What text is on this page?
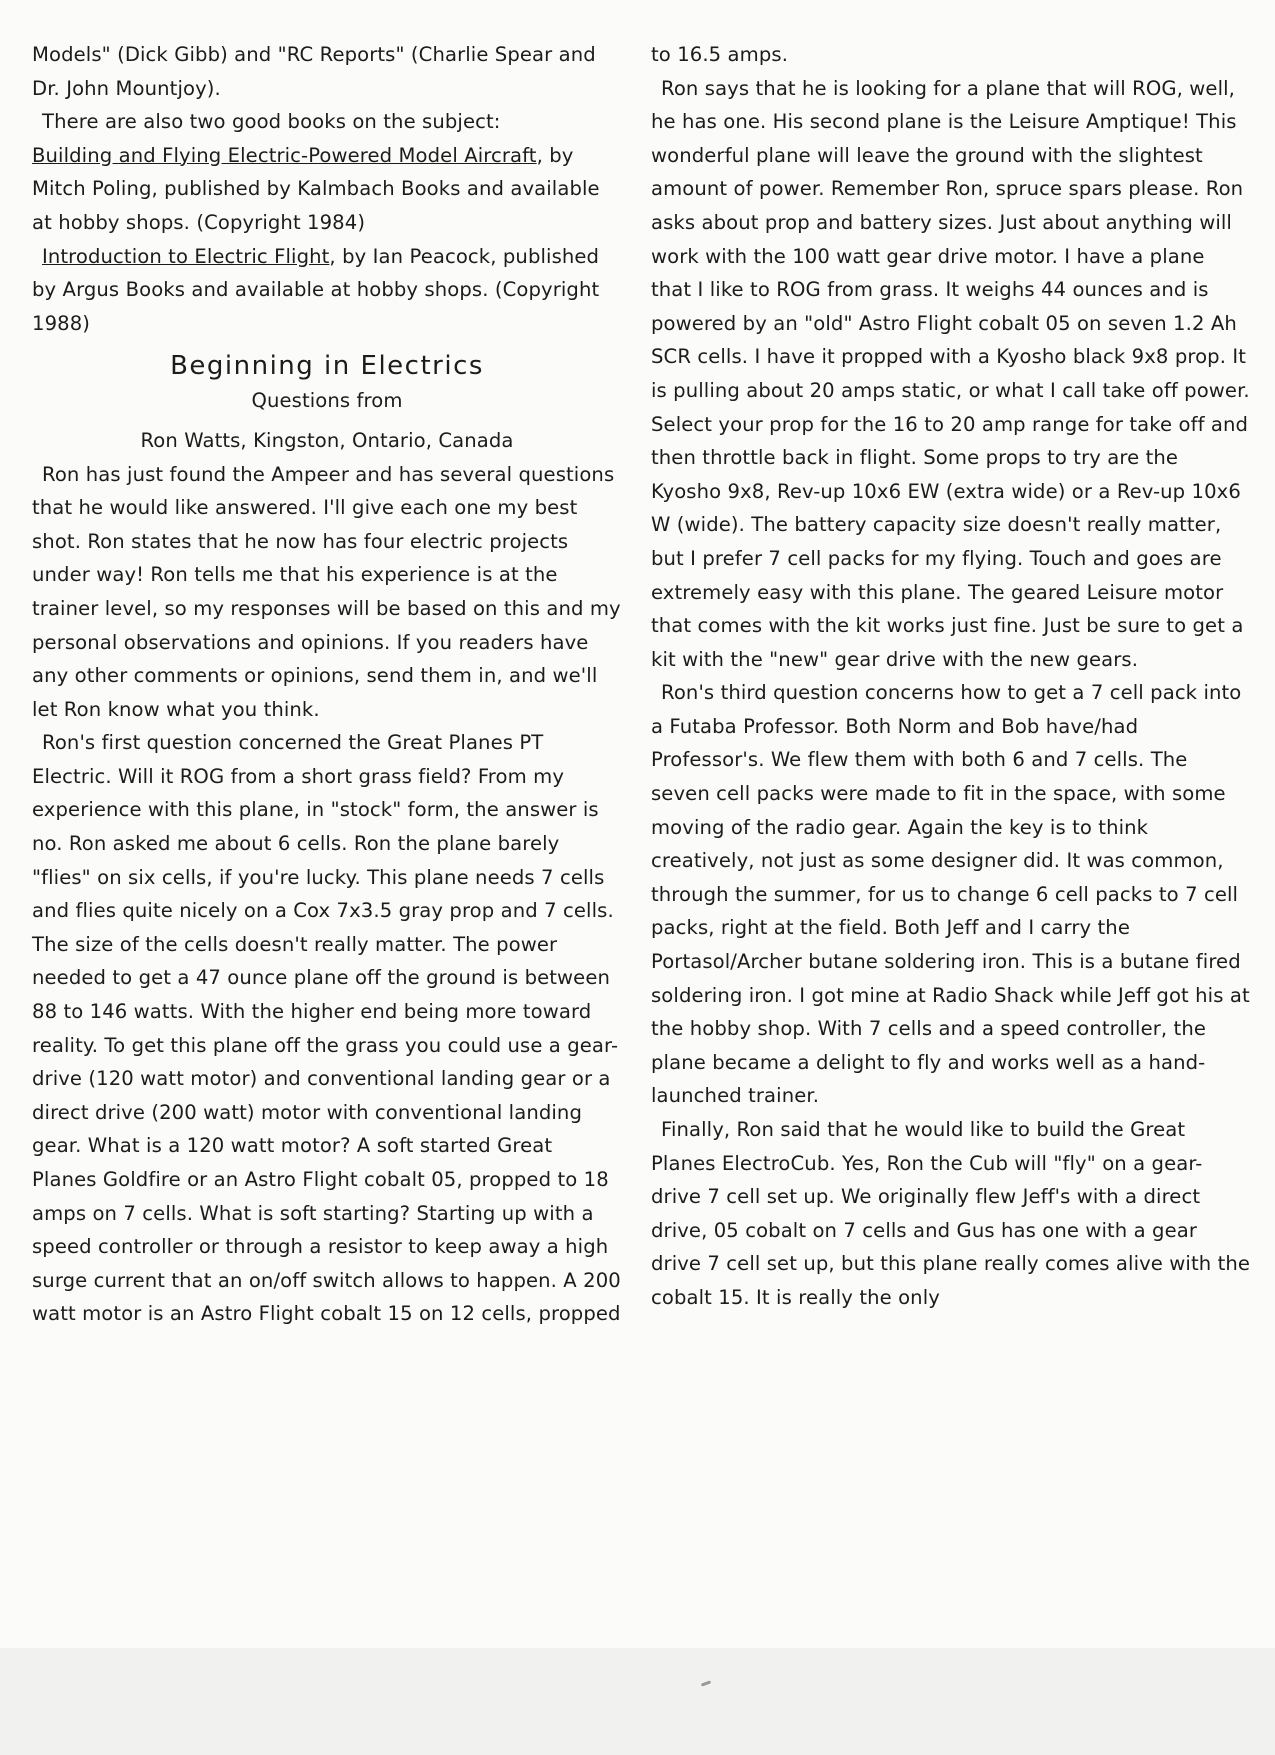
Models" (Dick Gibb) and "RC Reports" (Charlie Spear and Dr. John Mountjoy).

There are also two good books on the subject:
Building and Flying Electric-Powered Model Aircraft, by Mitch Poling, published by Kalmbach Books and available at hobby shops. (Copyright 1984)

Introduction to Electric Flight, by Ian Peacock, published by Argus Books and available at hobby shops. (Copyright 1988)

Beginning in Electrics
Questions from
Ron Watts, Kingston, Ontario, Canada

Ron has just found the Ampeer and has several questions that he would like answered. I'll give each one my best shot. Ron states that he now has four electric projects under way! Ron tells me that his experience is at the trainer level, so my responses will be based on this and my personal observations and opinions. If you readers have any other comments or opinions, send them in, and we'll let Ron know what you think.

Ron's first question concerned the Great Planes PT Electric. Will it ROG from a short grass field? From my experience with this plane, in "stock" form, the answer is no. Ron asked me about 6 cells. Ron the plane barely "flies" on six cells, if you're lucky. This plane needs 7 cells and flies quite nicely on a Cox 7x3.5 gray prop and 7 cells. The size of the cells doesn't really matter. The power needed to get a 47 ounce plane off the ground is between 88 to 146 watts. With the higher end being more toward reality. To get this plane off the grass you could use a gear-drive (120 watt motor) and conventional landing gear or a direct drive (200 watt) motor with conventional landing gear. What is a 120 watt motor? A soft started Great Planes Goldfire or an Astro Flight cobalt 05, propped to 18 amps on 7 cells. What is soft starting? Starting up with a speed controller or through a resistor to keep away a high surge current that an on/off switch allows to happen. A 200 watt motor is an Astro Flight cobalt 15 on 12 cells, propped

to 16.5 amps.

Ron says that he is looking for a plane that will ROG, well, he has one. His second plane is the Leisure Amptique! This wonderful plane will leave the ground with the slightest amount of power. Remember Ron, spruce spars please. Ron asks about prop and battery sizes. Just about anything will work with the 100 watt gear drive motor. I have a plane that I like to ROG from grass. It weighs 44 ounces and is powered by an "old" Astro Flight cobalt 05 on seven 1.2 Ah SCR cells. I have it propped with a Kyosho black 9x8 prop. It is pulling about 20 amps static, or what I call take off power. Select your prop for the 16 to 20 amp range for take off and then throttle back in flight. Some props to try are the Kyosho 9x8, Rev-up 10x6 EW (extra wide) or a Rev-up 10x6 W (wide). The battery capacity size doesn't really matter, but I prefer 7 cell packs for my flying. Touch and goes are extremely easy with this plane. The geared Leisure motor that comes with the kit works just fine. Just be sure to get a kit with the "new" gear drive with the new gears.

Ron's third question concerns how to get a 7 cell pack into a Futaba Professor. Both Norm and Bob have/had Professor's. We flew them with both 6 and 7 cells. The seven cell packs were made to fit in the space, with some moving of the radio gear. Again the key is to think creatively, not just as some designer did. It was common, through the summer, for us to change 6 cell packs to 7 cell packs, right at the field. Both Jeff and I carry the Portasol/Archer butane soldering iron. This is a butane fired soldering iron. I got mine at Radio Shack while Jeff got his at the hobby shop. With 7 cells and a speed controller, the plane became a delight to fly and works well as a hand-launched trainer.

Finally, Ron said that he would like to build the Great Planes ElectroCub. Yes, Ron the Cub will "fly" on a gear-drive 7 cell set up. We originally flew Jeff's with a direct drive, 05 cobalt on 7 cells and Gus has one with a gear drive 7 cell set up, but this plane really comes alive with the cobalt 15. It is really the only
